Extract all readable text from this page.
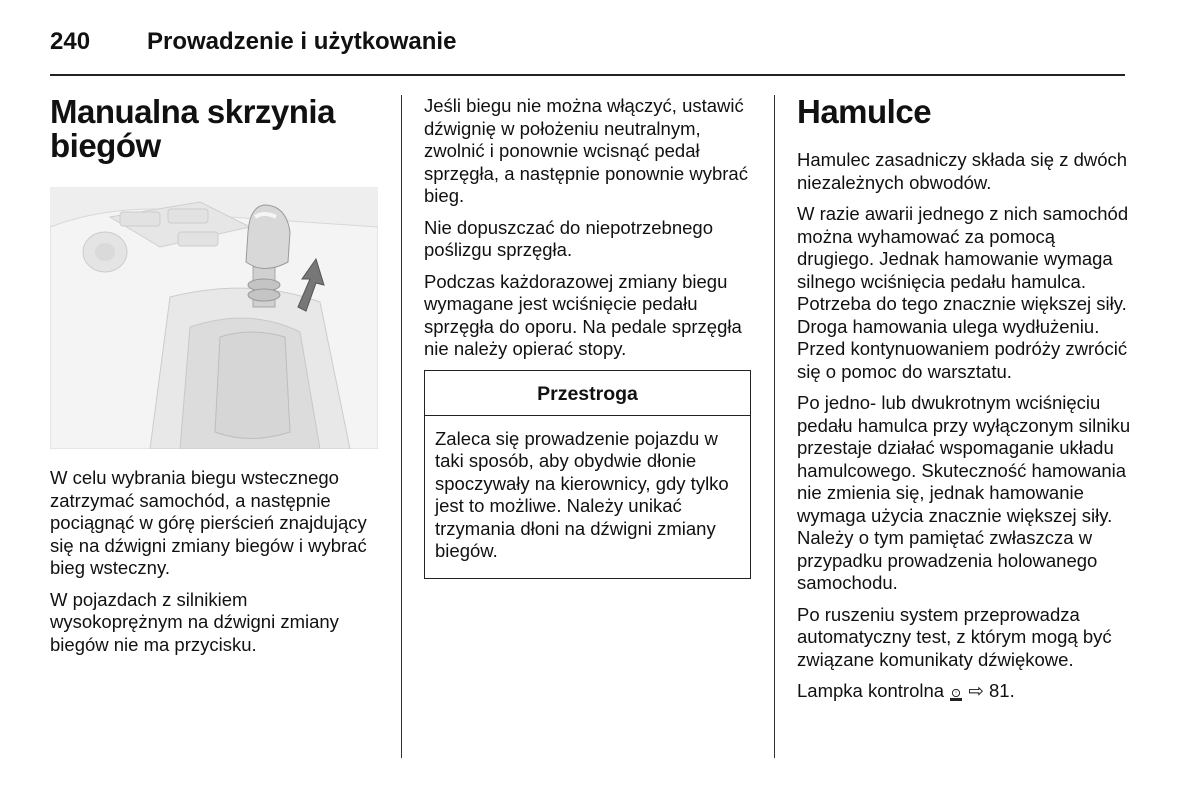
240 Prowadzenie i użytkowanie
Manualna skrzynia biegów

W celu wybrania biegu wstecznego zatrzymać samochód, a następnie pociągnąć w górę pierścień znajdujący się na dźwigni zmiany biegów i wybrać bieg wsteczny.

W pojazdach z silnikiem wysokoprężnym na dźwigni zmiany biegów nie ma przycisku.

Jeśli biegu nie można włączyć, ustawić dźwignię w położeniu neutralnym, zwolnić i ponownie wcisnąć pedał sprzęgła, a następnie ponownie wybrać bieg.

Nie dopuszczać do niepotrzebnego poślizgu sprzęgła.

Podczas każdorazowej zmiany biegu wymagane jest wciśnięcie pedału sprzęgła do oporu. Na pedale sprzęgła nie należy opierać stopy.

Przestroga

Zaleca się prowadzenie pojazdu w taki sposób, aby obydwie dłonie spoczywały na kierownicy, gdy tylko jest to możliwe. Należy unikać trzymania dłoni na dźwigni zmiany biegów.

Hamulce

Hamulec zasadniczy składa się z dwóch niezależnych obwodów.

W razie awarii jednego z nich samochód można wyhamować za pomocą drugiego. Jednak hamowanie wymaga silnego wciśnięcia pedału hamulca. Potrzeba do tego znacznie większej siły. Droga hamowania ulega wydłużeniu. Przed kontynuowaniem podróży zwrócić się o pomoc do warsztatu.

Po jedno- lub dwukrotnym wciśnięciu pedału hamulca przy wyłączonym silniku przestaje działać wspomaganie układu hamulcowego. Skuteczność hamowania nie zmienia się, jednak hamowanie wymaga użycia znacznie większej siły. Należy o tym pamiętać zwłaszcza w przypadku prowadzenia holowanego samochodu.

Po ruszeniu system przeprowadza automatyczny test, z którym mogą być związane komunikaty dźwiękowe.

Lampka kontrolna ! ⇨ 81.
